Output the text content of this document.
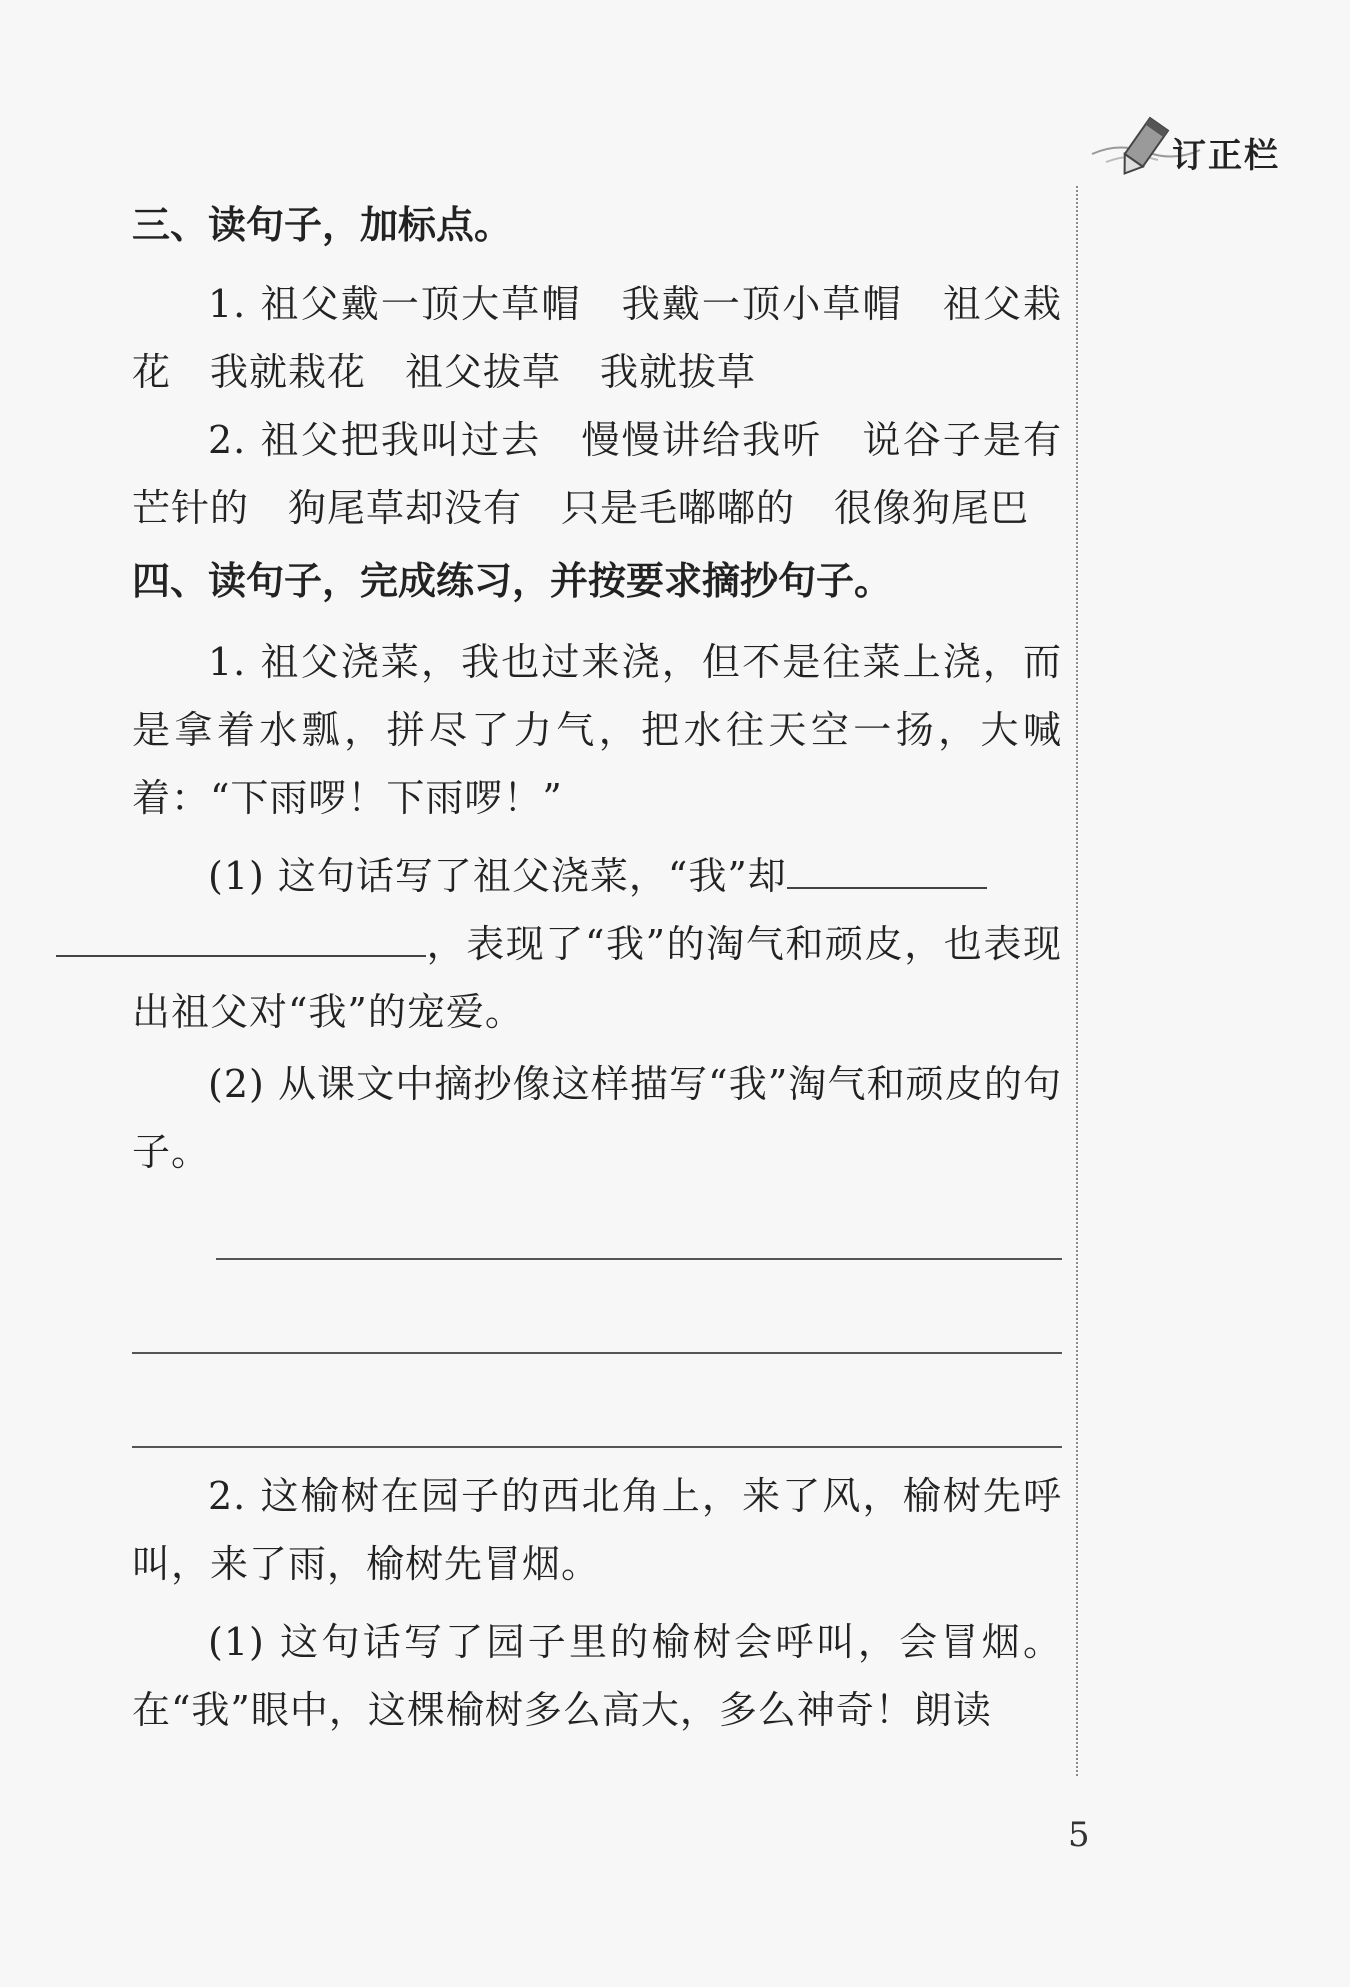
订正栏

三、读句子，加标点。

1. 祖父戴一顶大草帽　我戴一顶小草帽　祖父栽花　我就栽花　祖父拔草　我就拔草

2. 祖父把我叫过去　慢慢讲给我听　说谷子是有芒针的　狗尾草却没有　只是毛嘟嘟的　很像狗尾巴

四、读句子，完成练习，并按要求摘抄句子。

1. 祖父浇菜，我也过来浇，但不是往菜上浇，而是拿着水瓢，拼尽了力气，把水往天空一扬，大喊着：“下雨啰！下雨啰！”

(1) 这句话写了祖父浇菜，“我”却
，表现了“我”的淘气和顽皮，也表现出祖父对“我”的宠爱。

(2) 从课文中摘抄像这样描写“我”淘气和顽皮的句子。

2. 这榆树在园子的西北角上，来了风，榆树先呼叫，来了雨，榆树先冒烟。

(1) 这句话写了园子里的榆树会呼叫，会冒烟。在“我”眼中，这棵榆树多么高大，多么神奇！朗读

5
